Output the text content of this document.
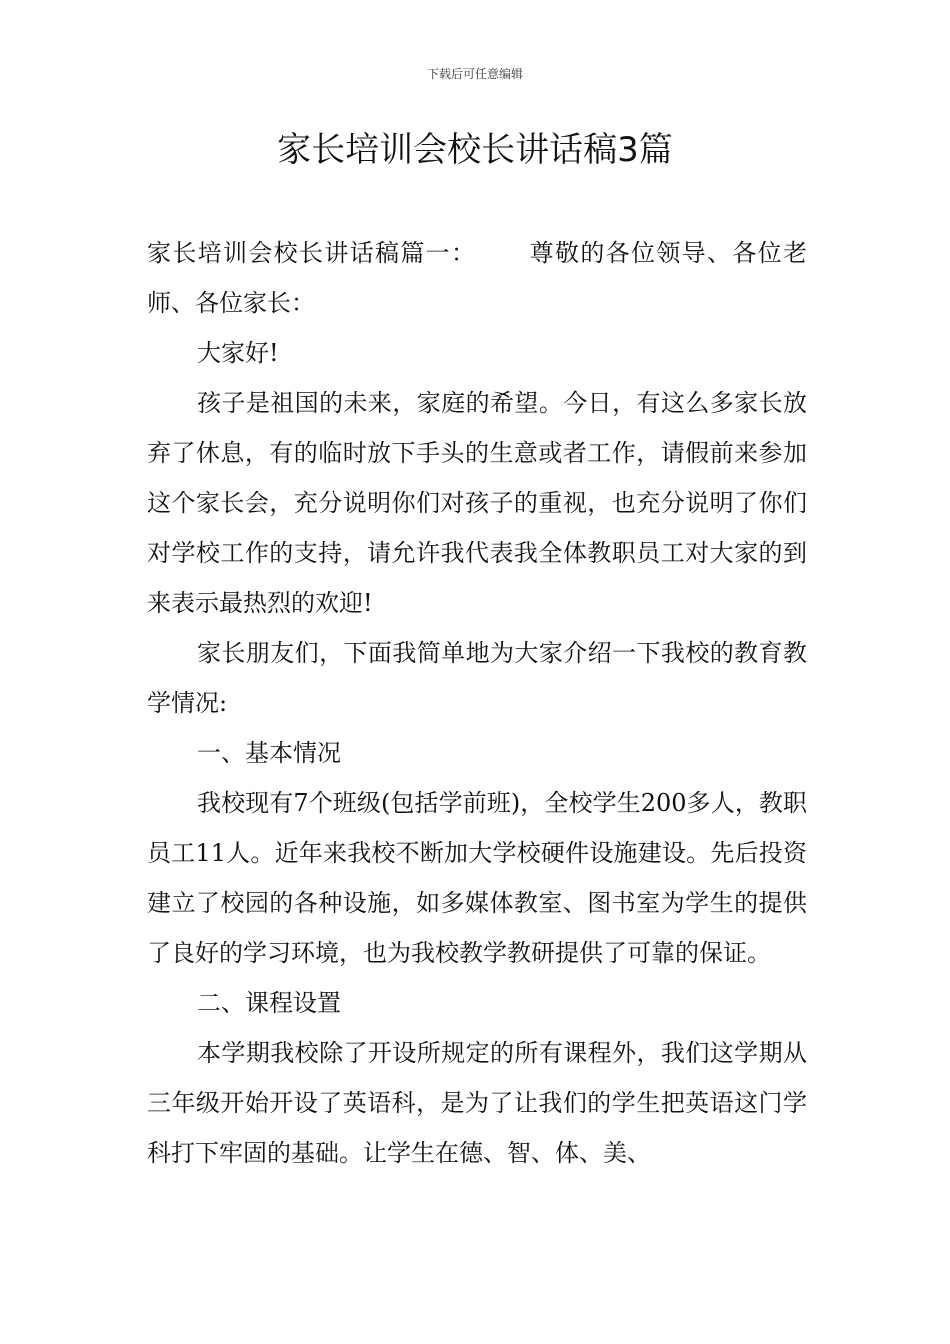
下载后可任意编辑
家长培训会校长讲话稿3篇

家长培训会校长讲话稿篇一： 尊敬的各位领导、各位老师、各位家长：

大家好!

孩子是祖国的未来，家庭的希望。今日，有这么多家长放弃了休息，有的临时放下手头的生意或者工作，请假前来参加这个家长会，充分说明你们对孩子的重视，也充分说明了你们对学校工作的支持，请允许我代表我全体教职员工对大家的到来表示最热烈的欢迎!

家长朋友们，下面我简单地为大家介绍一下我校的教育教学情况:

一、基本情况

我校现有7个班级(包括学前班)，全校学生200多人，教职员工11人。近年来我校不断加大学校硬件设施建设。先后投资建立了校园的各种设施，如多媒体教室、图书室为学生的提供了良好的学习环境，也为我校教学教研提供了可靠的保证。

二、课程设置

本学期我校除了开设所规定的所有课程外，我们这学期从三年级开始开设了英语科，是为了让我们的学生把英语这门学科打下牢固的基础。让学生在德、智、体、美、
